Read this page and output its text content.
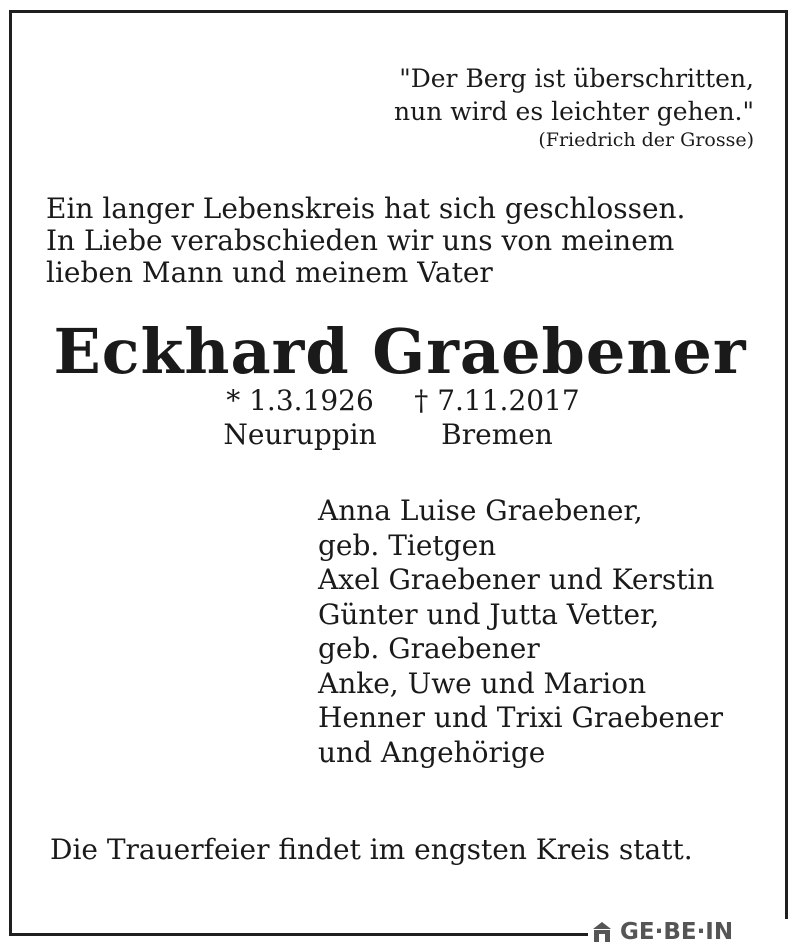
"Der Berg ist überschritten,
nun wird es leichter gehen."
(Friedrich der Grosse)
Ein langer Lebenskreis hat sich geschlossen.
In Liebe verabschieden wir uns von meinem
lieben Mann und meinem Vater
Eckhard Graebener
* 1.3.1926
Neuruppin
† 7.11.2017
Bremen
Anna Luise Graebener,
geb. Tietgen
Axel Graebener und Kerstin
Günter und Jutta Vetter,
geb. Graebener
Anke, Uwe und Marion
Henner und Trixi Graebener
und Angehörige
Die Trauerfeier findet im engsten Kreis statt.
GE·BE·IN
